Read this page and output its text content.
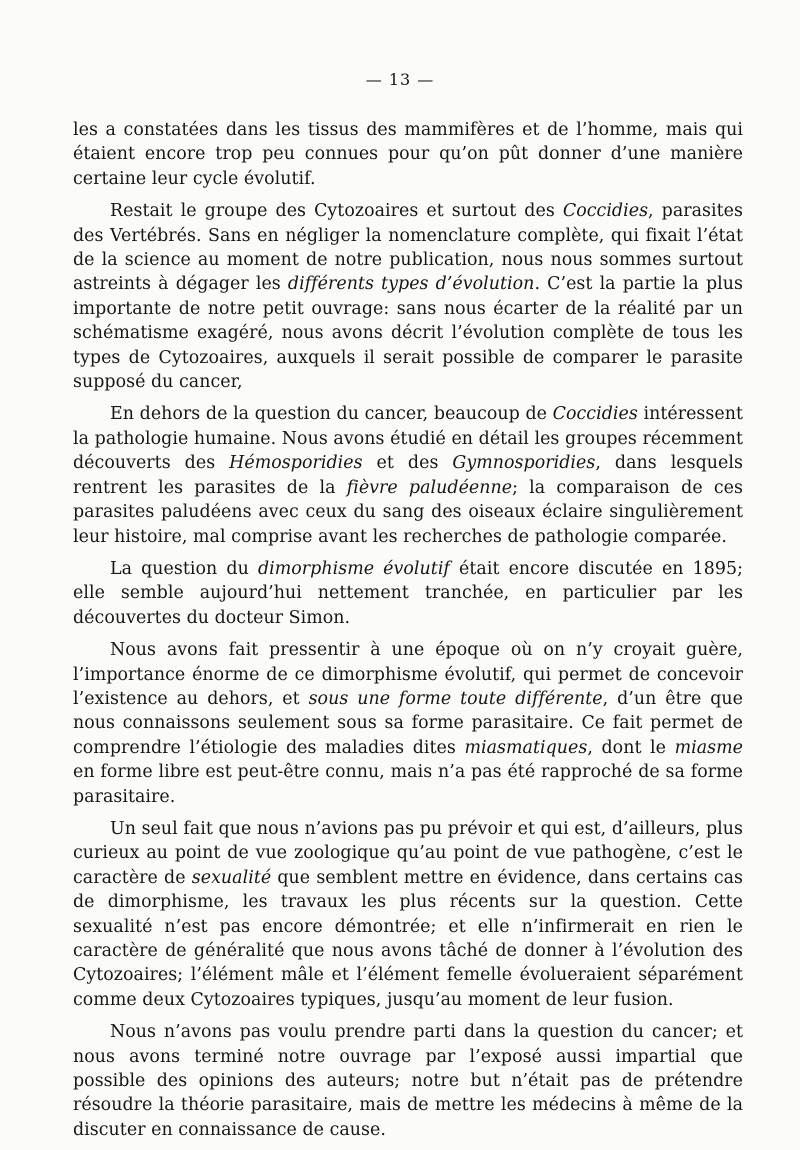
— 13 —

les a constatées dans les tissus des mammifères et de l’homme, mais qui étaient encore trop peu connues pour qu’on pût donner d’une manière certaine leur cycle évolutif.

Restait le groupe des Cytozoaires et surtout des Coccidies, parasites des Vertébrés. Sans en négliger la nomenclature complète, qui fixait l’état de la science au moment de notre publication, nous nous sommes surtout astreints à dégager les différents types d’évolution. C’est la partie la plus importante de notre petit ouvrage: sans nous écarter de la réalité par un schématisme exagéré, nous avons décrit l’évolution complète de tous les types de Cytozoaires, auxquels il serait possible de comparer le parasite supposé du cancer,

En dehors de la question du cancer, beaucoup de Coccidies intéressent la pathologie humaine. Nous avons étudié en détail les groupes récemment découverts des Hémosporidies et des Gymnosporidies, dans lesquels rentrent les parasites de la fièvre paludéenne; la comparaison de ces parasites paludéens avec ceux du sang des oiseaux éclaire singulièrement leur histoire, mal comprise avant les recherches de pathologie comparée.

La question du dimorphisme évolutif était encore discutée en 1895; elle semble aujourd’hui nettement tranchée, en particulier par les découvertes du docteur Simon.

Nous avons fait pressentir à une époque où on n’y croyait guère, l’importance énorme de ce dimorphisme évolutif, qui permet de concevoir l’existence au dehors, et sous une forme toute différente, d’un être que nous connaissons seulement sous sa forme parasitaire. Ce fait permet de comprendre l’étiologie des maladies dites miasmatiques, dont le miasme en forme libre est peut-être connu, mais n’a pas été rapproché de sa forme parasitaire.

Un seul fait que nous n’avions pas pu prévoir et qui est, d’ailleurs, plus curieux au point de vue zoologique qu’au point de vue pathogène, c’est le caractère de sexualité que semblent mettre en évidence, dans certains cas de dimorphisme, les travaux les plus récents sur la question. Cette sexualité n’est pas encore démontrée; et elle n’infirmerait en rien le caractère de généralité que nous avons tâché de donner à l’évolution des Cytozoaires; l’élément mâle et l’élément femelle évolueraient séparément comme deux Cytozoaires typiques, jusqu’au moment de leur fusion.

Nous n’avons pas voulu prendre parti dans la question du cancer; et nous avons terminé notre ouvrage par l’exposé aussi impartial que possible des opinions des auteurs; notre but n’était pas de prétendre résoudre la théorie parasitaire, mais de mettre les médecins à même de la discuter en connaissance de cause.
